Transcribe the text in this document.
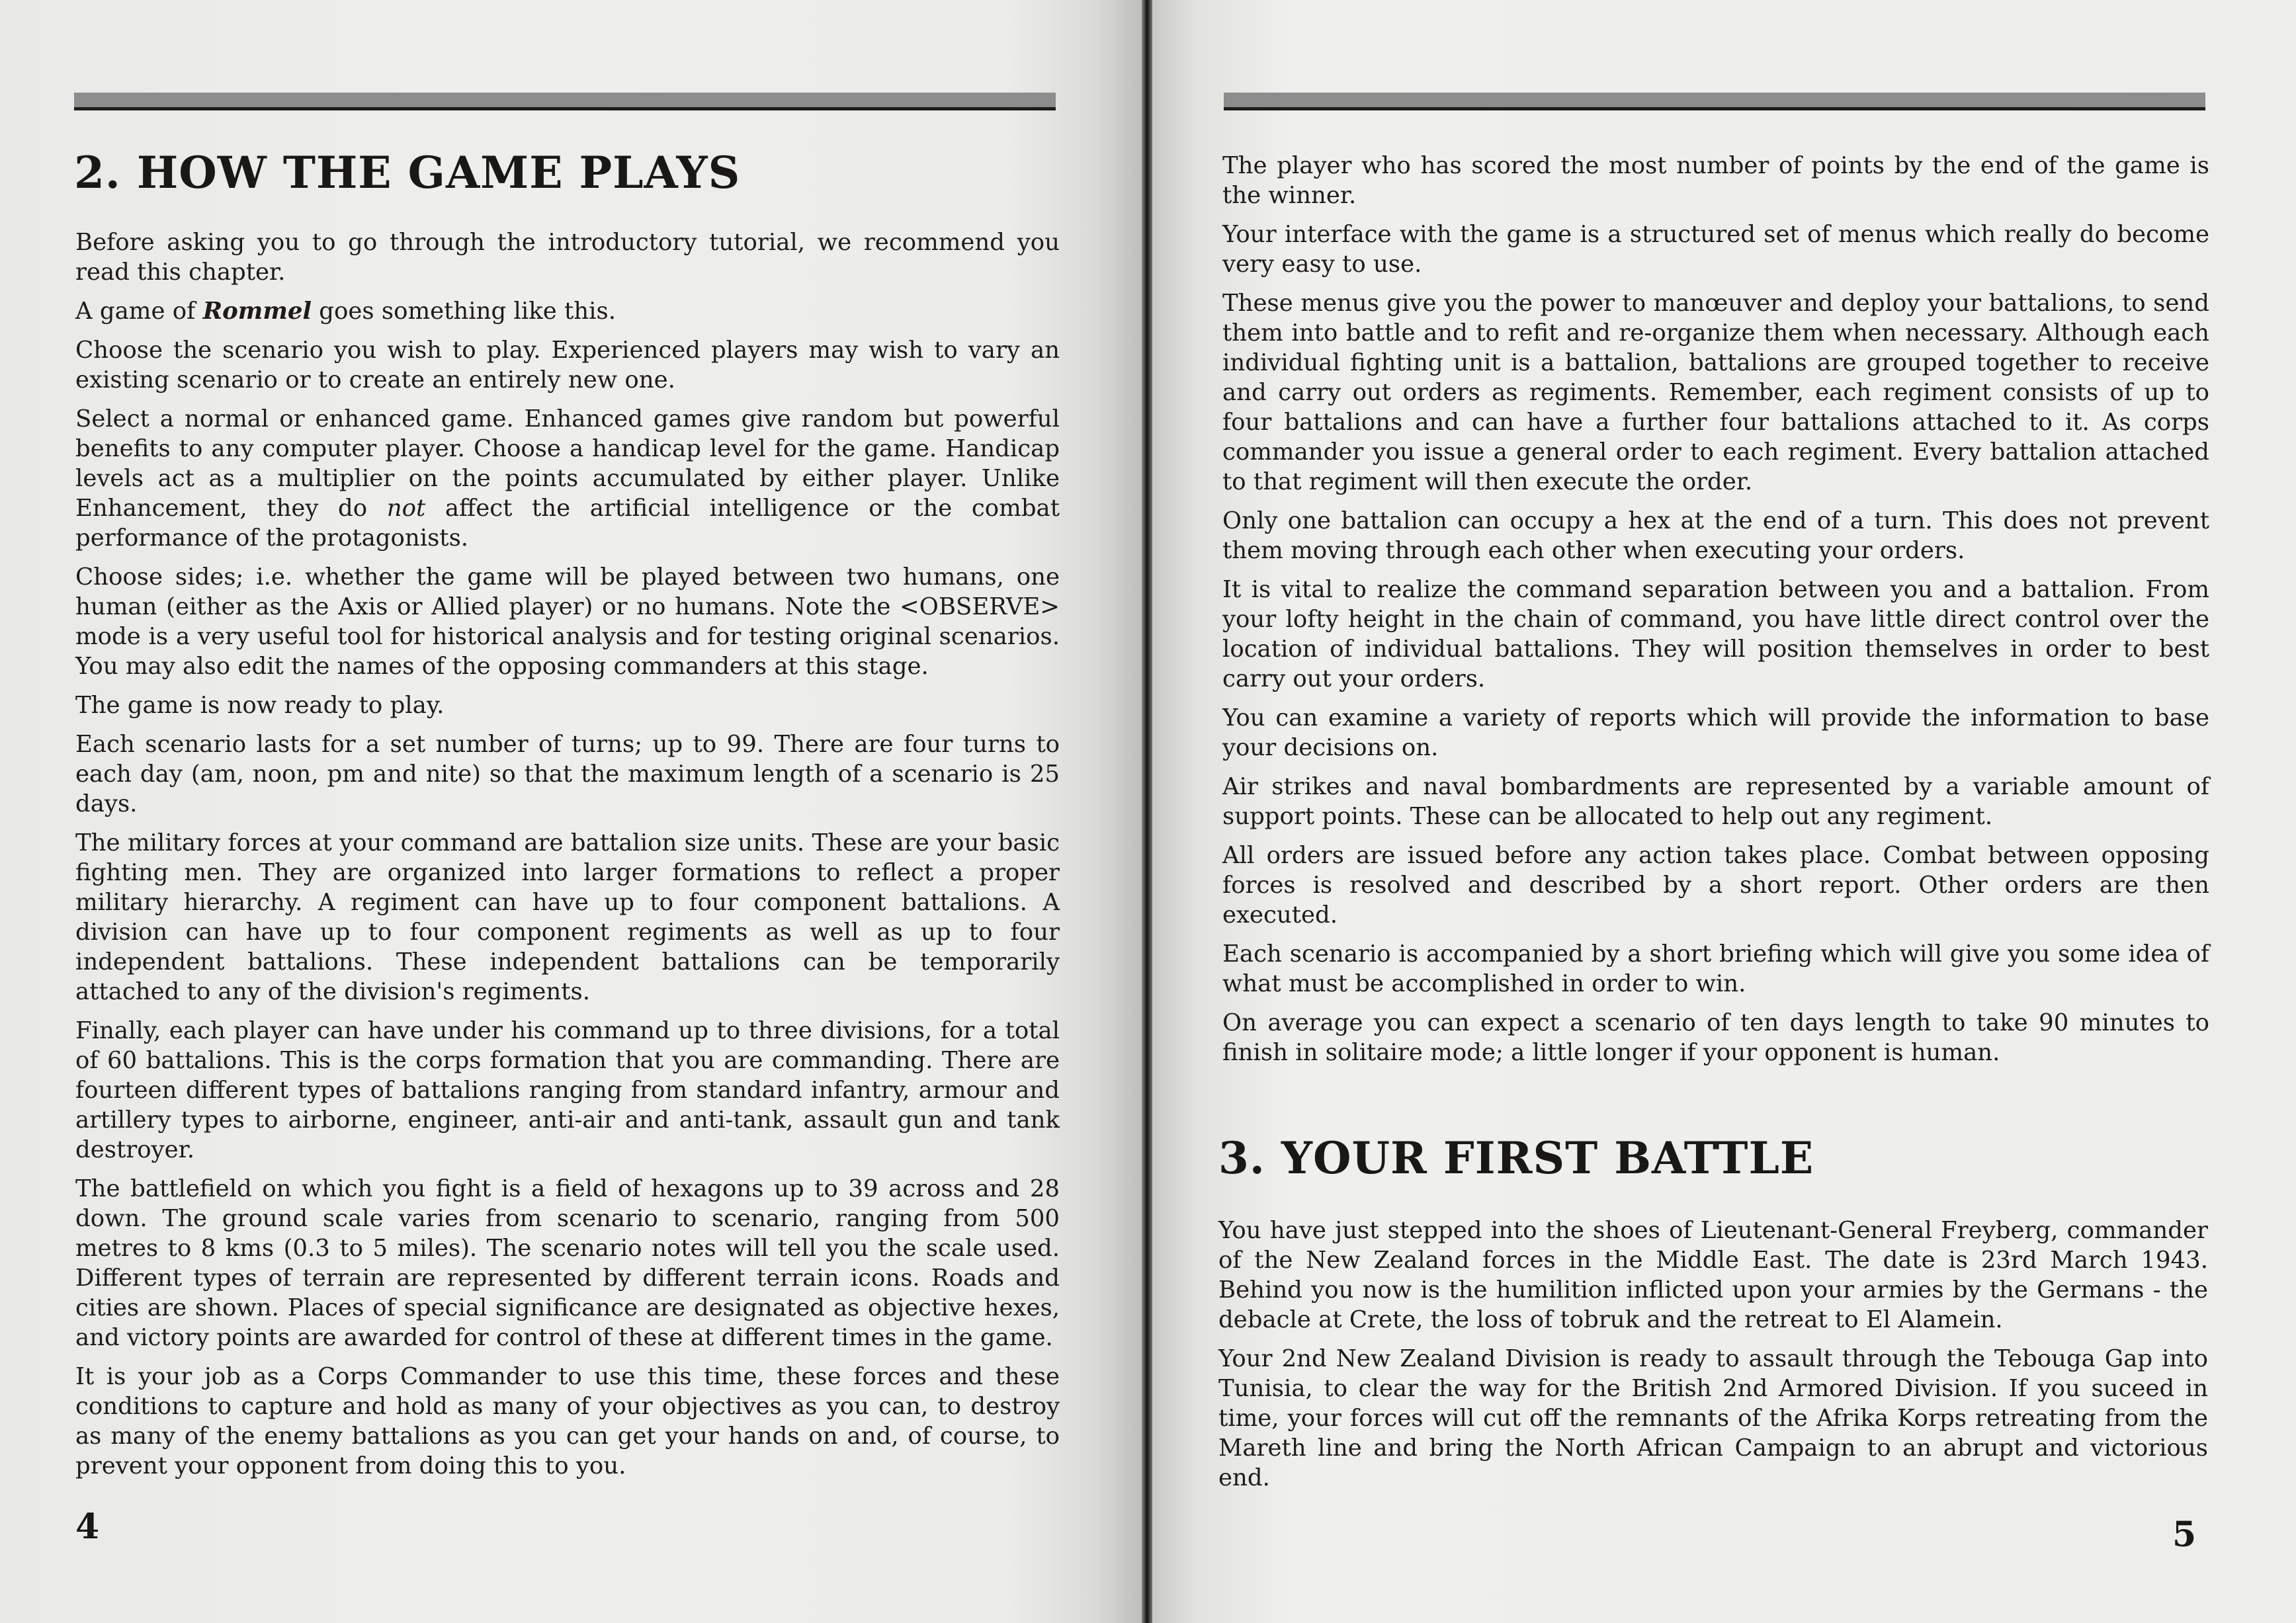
2. HOW THE GAME PLAYS

Before asking you to go through the introductory tutorial, we recommend you read this chapter.

A game of Rommel goes something like this.

Choose the scenario you wish to play. Experienced players may wish to vary an existing scenario or to create an entirely new one.

Select a normal or enhanced game. Enhanced games give random but powerful benefits to any computer player. Choose a handicap level for the game. Handicap levels act as a multiplier on the points accumulated by either player. Unlike Enhancement, they do not affect the artificial intelligence or the combat performance of the protagonists.

Choose sides; i.e. whether the game will be played between two humans, one human (either as the Axis or Allied player) or no humans. Note the <OBSERVE> mode is a very useful tool for historical analysis and for testing original scenarios. You may also edit the names of the opposing commanders at this stage.

The game is now ready to play.

Each scenario lasts for a set number of turns; up to 99. There are four turns to each day (am, noon, pm and nite) so that the maximum length of a scenario is 25 days.

The military forces at your command are battalion size units. These are your basic fighting men. They are organized into larger formations to reflect a proper military hierarchy. A regiment can have up to four component battalions. A division can have up to four component regiments as well as up to four independent battalions. These independent battalions can be temporarily attached to any of the division's regiments.

Finally, each player can have under his command up to three divisions, for a total of 60 battalions. This is the corps formation that you are commanding. There are fourteen different types of battalions ranging from standard infantry, armour and artillery types to airborne, engineer, anti-air and anti-tank, assault gun and tank destroyer.

The battlefield on which you fight is a field of hexagons up to 39 across and 28 down. The ground scale varies from scenario to scenario, ranging from 500 metres to 8 kms (0.3 to 5 miles). The scenario notes will tell you the scale used. Different types of terrain are represented by different terrain icons. Roads and cities are shown. Places of special significance are designated as objective hexes, and victory points are awarded for control of these at different times in the game.

It is your job as a Corps Commander to use this time, these forces and these conditions to capture and hold as many of your objectives as you can, to destroy as many of the enemy battalions as you can get your hands on and, of course, to prevent your opponent from doing this to you.

4

The player who has scored the most number of points by the end of the game is the winner.

Your interface with the game is a structured set of menus which really do become very easy to use.

These menus give you the power to manœuver and deploy your battalions, to send them into battle and to refit and re-organize them when necessary. Although each individual fighting unit is a battalion, battalions are grouped together to receive and carry out orders as regiments. Remember, each regiment consists of up to four battalions and can have a further four battalions attached to it. As corps commander you issue a general order to each regiment. Every battalion attached to that regiment will then execute the order.

Only one battalion can occupy a hex at the end of a turn. This does not prevent them moving through each other when executing your orders.

It is vital to realize the command separation between you and a battalion. From your lofty height in the chain of command, you have little direct control over the location of individual battalions. They will position themselves in order to best carry out your orders.

You can examine a variety of reports which will provide the information to base your decisions on.

Air strikes and naval bombardments are represented by a variable amount of support points. These can be allocated to help out any regiment.

All orders are issued before any action takes place. Combat between opposing forces is resolved and described by a short report. Other orders are then executed.

Each scenario is accompanied by a short briefing which will give you some idea of what must be accomplished in order to win.

On average you can expect a scenario of ten days length to take 90 minutes to finish in solitaire mode; a little longer if your opponent is human.

3. YOUR FIRST BATTLE

You have just stepped into the shoes of Lieutenant-General Freyberg, commander of the New Zealand forces in the Middle East. The date is 23rd March 1943. Behind you now is the humilition inflicted upon your armies by the Germans - the debacle at Crete, the loss of tobruk and the retreat to El Alamein.

Your 2nd New Zealand Division is ready to assault through the Tebouga Gap into Tunisia, to clear the way for the British 2nd Armored Division. If you suceed in time, your forces will cut off the remnants of the Afrika Korps retreating from the Mareth line and bring the North African Campaign to an abrupt and victorious end.

5
